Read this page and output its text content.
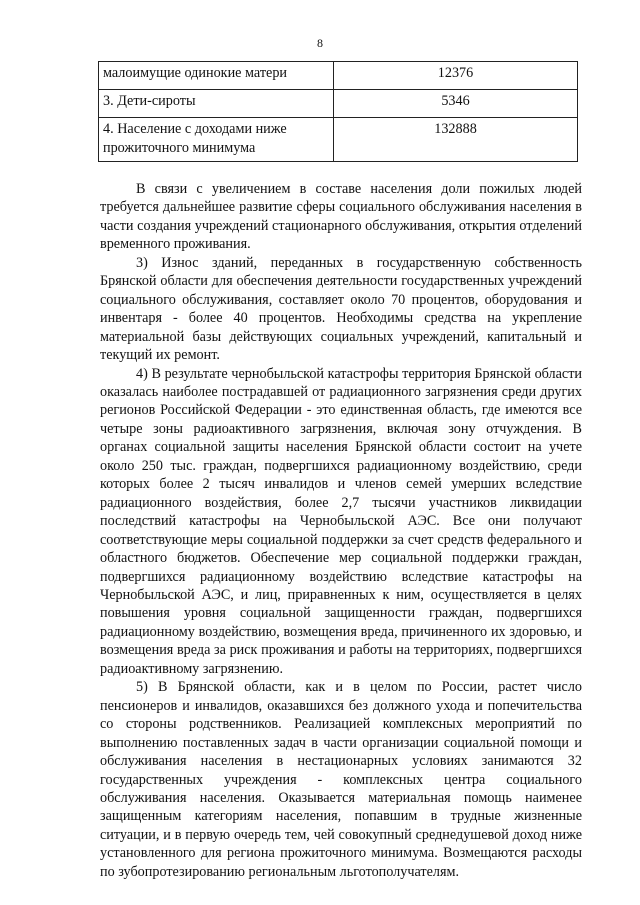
8
малоимущие одинокие матери	12376
3. Дети-сироты	5346
4. Население с доходами ниже прожиточного минимума	132888

В связи с увеличением в составе населения доли пожилых людей требуется дальнейшее развитие сферы социального обслуживания населения в части создания учреждений стационарного обслуживания, открытия отделений временного проживания.

3) Износ зданий, переданных в государственную собственность Брянской области для обеспечения деятельности государственных учреждений социального обслуживания, составляет около 70 процентов, оборудования и инвентаря - более 40 процентов. Необходимы средства на укрепление материальной базы действующих социальных учреждений, капитальный и текущий их ремонт.

4) В результате чернобыльской катастрофы территория Брянской области оказалась наиболее пострадавшей от радиационного загрязнения среди других регионов Российской Федерации - это единственная область, где имеются все четыре зоны радиоактивного загрязнения, включая зону отчуждения. В органах социальной защиты населения Брянской области состоит на учете около 250 тыс. граждан, подвергшихся радиационному воздействию, среди которых более 2 тысяч инвалидов и членов семей умерших вследствие радиационного воздействия, более 2,7 тысячи участников ликвидации последствий катастрофы на Чернобыльской АЭС. Все они получают соответствующие меры социальной поддержки за счет средств федерального и областного бюджетов. Обеспечение мер социальной поддержки граждан, подвергшихся радиационному воздействию вследствие катастрофы на Чернобыльской АЭС, и лиц, приравненных к ним, осуществляется в целях повышения уровня социальной защищенности граждан, подвергшихся радиационному воздействию, возмещения вреда, причиненного их здоровью, и возмещения вреда за риск проживания и работы на территориях, подвергшихся радиоактивному загрязнению.

5) В Брянской области, как и в целом по России, растет число пенсионеров и инвалидов, оказавшихся без должного ухода и попечительства со стороны родственников. Реализацией комплексных мероприятий по выполнению поставленных задач в части организации социальной помощи и обслуживания населения в нестационарных условиях занимаются 32 государственных учреждения - комплексных центра социального обслуживания населения. Оказывается материальная помощь наименее защищенным категориям населения, попавшим в трудные жизненные ситуации, и в первую очередь тем, чей совокупный среднедушевой доход ниже установленного для региона прожиточного минимума. Возмещаются расходы по зубопротезированию региональным льготополучателям.
